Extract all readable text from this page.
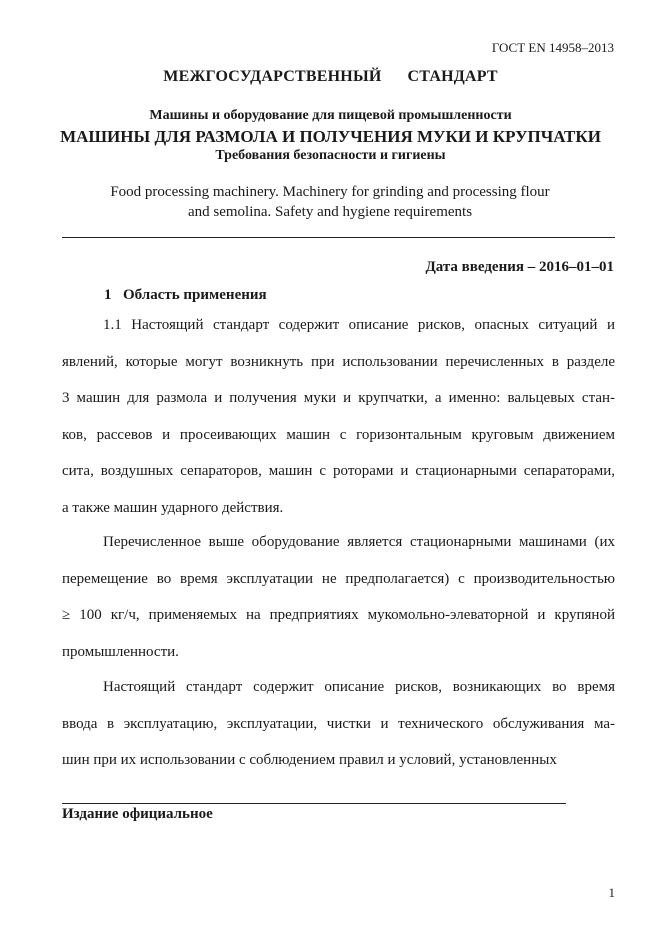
ГОСТ EN 14958–2013
МЕЖГОСУДАРСТВЕННЫЙ СТАНДАРТ
Машины и оборудование для пищевой промышленности
МАШИНЫ ДЛЯ РАЗМОЛА И ПОЛУЧЕНИЯ МУКИ И КРУПЧАТКИ
Требования безопасности и гигиены
Food processing machinery. Machinery for grinding and processing flour
and semolina. Safety and hygiene requirements
Дата введения – 2016–01–01
1 Область применения
1.1 Настоящий стандарт содержит описание рисков, опасных ситуаций и
явлений, которые могут возникнуть при использовании перечисленных в разделе
3 машин для размола и получения муки и крупчатки, а именно: вальцевых стан-
ков, рассевов и просеивающих машин с горизонтальным круговым движением
сита, воздушных сепараторов, машин с роторами и стационарными сепараторами,
а также машин ударного действия.
Перечисленное выше оборудование является стационарными машинами (их
перемещение во время эксплуатации не предполагается) с производительностью
≥ 100 кг/ч, применяемых на предприятиях мукомольно-элеваторной и крупяной
промышленности.
Настоящий стандарт содержит описание рисков, возникающих во время
ввода в эксплуатацию, эксплуатации, чистки и технического обслуживания ма-
шин при их использовании с соблюдением правил и условий, установленных
Издание официальное
1
